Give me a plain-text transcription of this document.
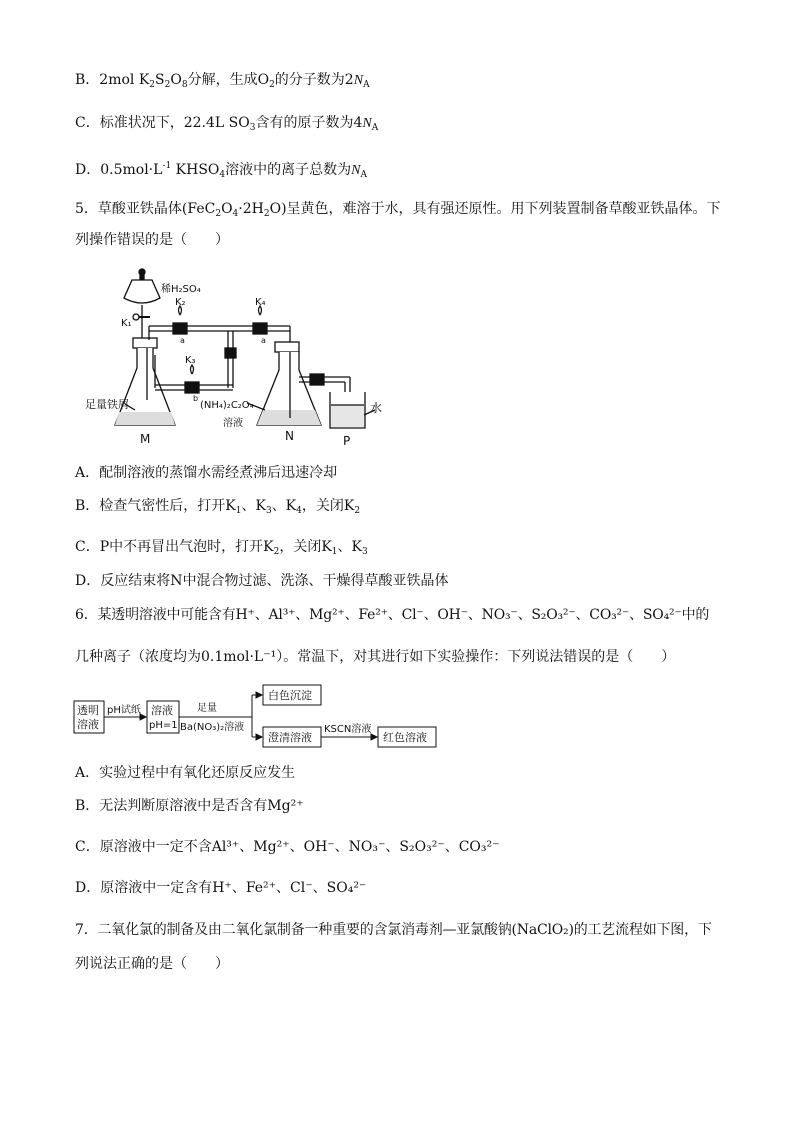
B．2mol $K_2S_2O_8$分解，生成$O_2$的分子数为$2N_A$
C．标准状况下，22.4L $SO_3$含有的原子数为$4N_A$
D．$0.5mol\cdot L^{-1}$ $KHSO_4$溶液中的离子总数为$N_A$
5．草酸亚铁晶体$(FeC_2O_4\cdot 2H_2O)$呈黄色，难溶于水，具有强还原性。用下列装置制备草酸亚铁晶体。下
列操作错误的是（　　）
稀H₂SO₄
K₁
K₂
a
K₃
b
K₄
a
水
足量铁屑	(NH₄)₂C₂O₄
溶液
M	N	P
A．配制溶液的蒸馏水需经煮沸后迅速冷却
B．检查气密性后，打开$K_1$、$K_3$、$K_4$，关闭$K_2$
C．P中不再冒出气泡时，打开$K_2$，关闭$K_1$、$K_3$
D．反应结束将N中混合物过滤、洗涤、干燥得草酸亚铁晶体
6．某透明溶液中可能含有H⁺、Al³⁺、Mg²⁺、Fe²⁺、Cl⁻、OH⁻、NO₃⁻、S₂O₃²⁻、CO₃²⁻、SO₄²⁻中的
几种离子（浓度均为0.1mol·L⁻¹）。常温下，对其进行如下实验操作：下列说法错误的是（　　）
透明
溶液
pH试纸 溶液
pH=1
足量
Ba(NO₃)₂溶液
白色沉淀
澄清溶液
KSCN溶液
红色溶液
A．实验过程中有氧化还原反应发生
B．无法判断原溶液中是否含有Mg²⁺
C．原溶液中一定不含Al³⁺、Mg²⁺、OH⁻、NO₃⁻、S₂O₃²⁻、CO₃²⁻
D．原溶液中一定含有H⁺、Fe²⁺、Cl⁻、SO₄²⁻
7．二氧化氯的制备及由二氧化氯制备一种重要的含氯消毒剂—亚氯酸钠(NaClO₂)的工艺流程如下图，下
列说法正确的是（　　）
